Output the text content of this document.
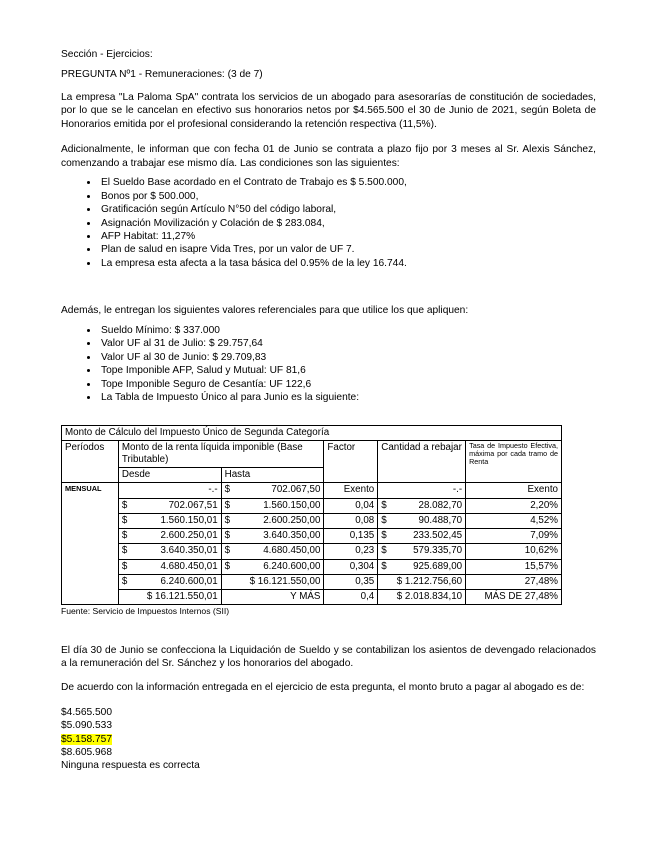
Sección - Ejercicios:

PREGUNTA Nº1 - Remuneraciones: (3 de 7)

La empresa "La Paloma SpA" contrata los servicios de un abogado para asesorarías de constitución de sociedades, por lo que se le cancelan en efectivo sus honorarios netos por $4.565.500 el 30 de Junio de 2021, según Boleta de Honorarios emitida por el profesional considerando la retención respectiva (11,5%).

Adicionalmente, le informan que con fecha 01 de Junio se contrata a plazo fijo por 3 meses al Sr. Alexis Sánchez, comenzando a trabajar ese mismo día. Las condiciones son las siguientes:

• El Sueldo Base acordado en el Contrato de Trabajo es $ 5.500.000,
• Bonos por $ 500.000,
• Gratificación según Artículo N°50 del código laboral,
• Asignación Movilización y Colación de $ 283.084,
• AFP Habitat: 11,27%
• Plan de salud en isapre Vida Tres, por un valor de UF 7.
• La empresa esta afecta a la tasa básica del 0.95% de la ley 16.744.

Además, le entregan los siguientes valores referenciales para que utilice los que apliquen:

• Sueldo Mínimo: $ 337.000
• Valor UF al 31 de Julio: $ 29.757,64
• Valor UF al 30 de Junio: $ 29.709,83
• Tope Imponible AFP, Salud y Mutual: UF 81,6
• Tope Imponible Seguro de Cesantía: UF 122,6
• La Tabla de Impuesto Único al para Junio es la siguiente:
Monto de Cálculo del Impuesto Único de Segunda Categoría					
Períodos	Monto de la renta líquida imponible (Base Tributable)		Factor	Cantidad a rebajar	Tasa de Impuesto Efectiva, máxima por cada tramo de Renta
	Desde	Hasta			
MENSUAL	-.-	$ 702.067,50	Exento	-.-	Exento

	$ 702.067,51	$ 1.560.150,00	0,04	$ 28.082,70	2,20%

	$ 1.560.150,01	$ 2.600.250,00	0,08	$ 90.488,70	4,52%

	$ 2.600.250,01	$ 3.640.350,00	0,135	$ 233.502,45	7,09%

	$ 3.640.350,01	$ 4.680.450,00	0,23	$ 579.335,70	10,62%

	$ 4.680.450,01	$ 6.240.600,00	0,304	$ 925.689,00	15,57%

	$ 6.240.600,01	$ 16.121.550,00	0,35	$ 1.212.756,60	27,48%
	$ 16.121.550,01	Y MÁS	0,4	$ 2.018.834,10	MÁS DE 27,48%

Fuente: Servicio de Impuestos Internos (SII)

El día 30 de Junio se confecciona la Liquidación de Sueldo y se contabilizan los asientos de devengado relacionados a la remuneración del Sr. Sánchez y los honorarios del abogado.

De acuerdo con la información entregada en el ejercicio de esta pregunta, el monto bruto a pagar al abogado es de:

$4.565.500
$5.090.533
$5.158.757
$8.605.968
Ninguna respuesta es correcta
